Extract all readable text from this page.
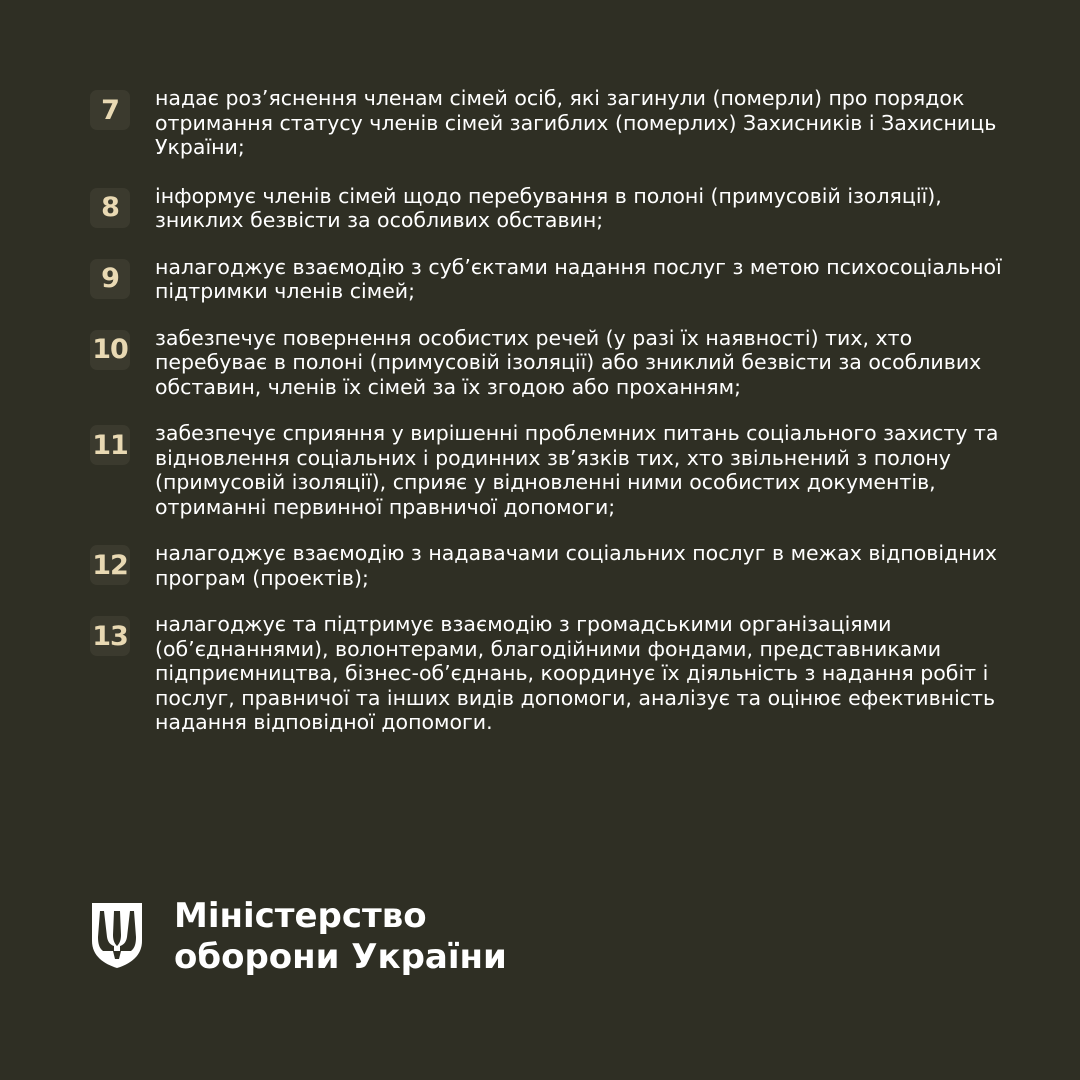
7	надає роз’яснення членам сімей осіб, які загинули (померли) про порядок отримання статусу членів сімей загиблих (померлих) Захисників і Захисниць України;
8	інформує членів сімей щодо перебування в полоні (примусовій ізоляції), зниклих безвісти за особливих обставин;
9	налагоджує взаємодію з суб’єктами надання послуг з метою психосоціальної підтримки членів сімей;
10 забезпечує повернення особистих речей (у разі їх наявності) тих, хто перебуває в полоні (примусовій ізоляції) або зниклий безвісти за особливих обставин, членів їх сімей за їх згодою або проханням;
11 забезпечує сприяння у вирішенні проблемних питань соціального захисту та відновлення соціальних і родинних зв’язків тих, хто звільнений з полону (примусовій ізоляції), сприяє у відновленні ними особистих документів, отриманні первинної правничої допомоги;
12 налагоджує взаємодію з надавачами соціальних послуг в межах відповідних програм (проектів);
13 налагоджує та підтримує взаємодію з громадськими організаціями (об’єднаннями), волонтерами, благодійними фондами, представниками підприємництва, бізнес-об’єднань, координує їх діяльність з надання робіт і послуг, правничої та інших видів допомоги, аналізує та оцінює ефективність надання відповідної допомоги.
Міністерство
оборони України
